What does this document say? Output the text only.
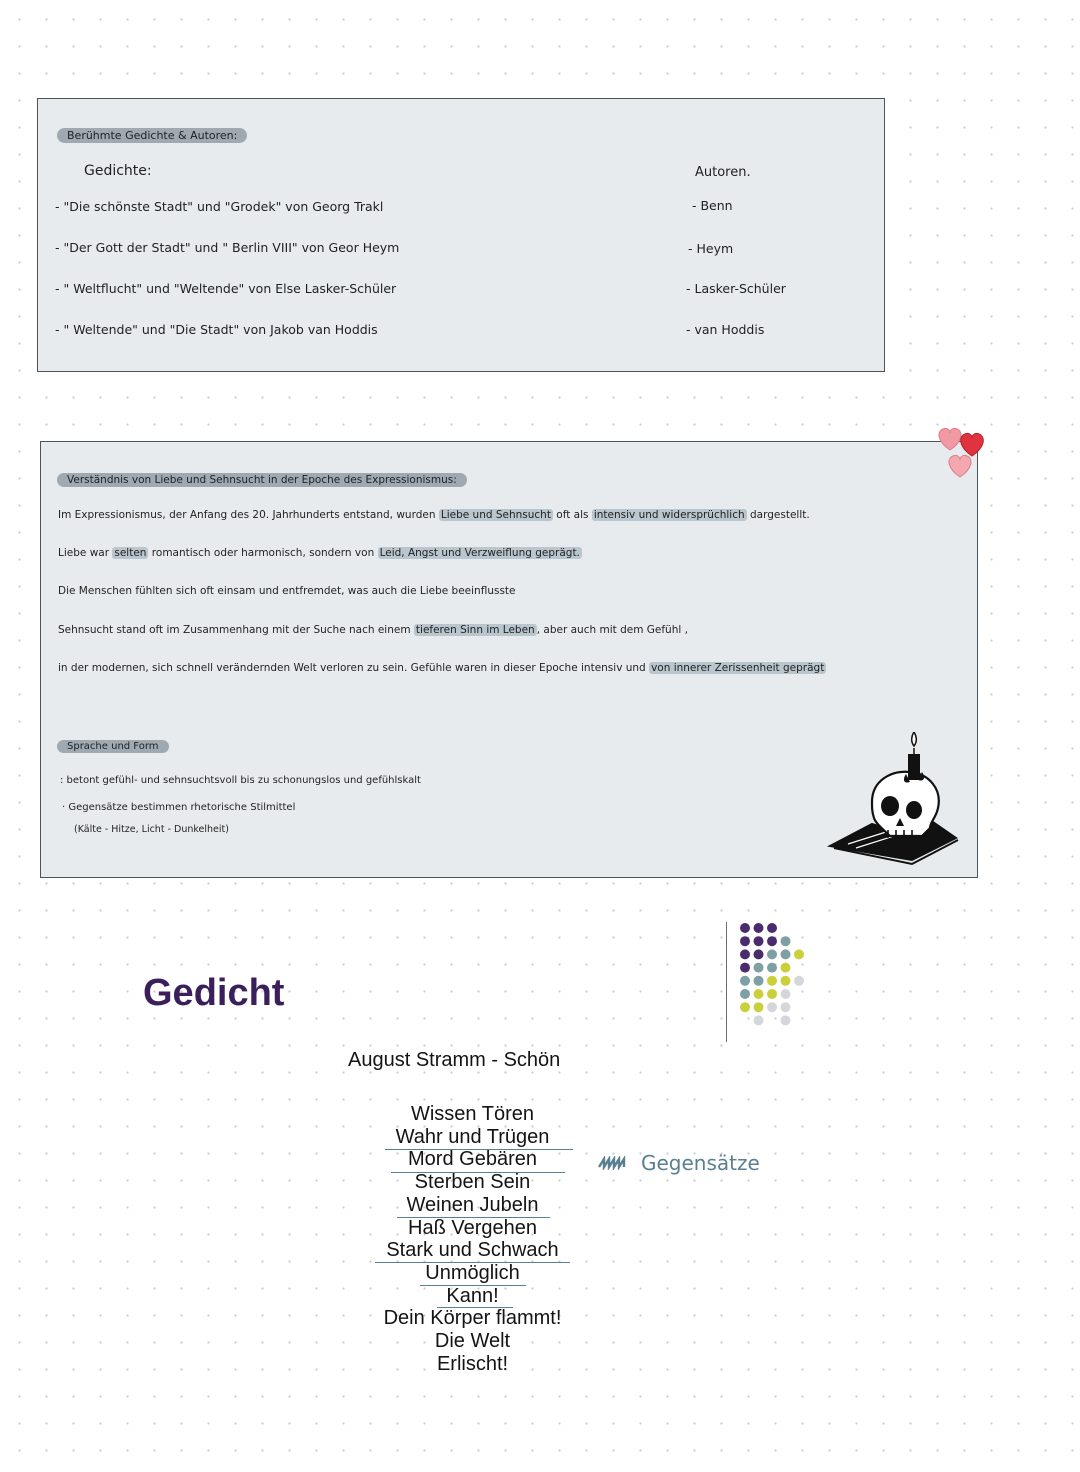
Berühmte Gedichte & Autoren:
Gedichte:	Autoren.
- "Die schönste Stadt" und "Grodek" von Georg Trakl
- "Der Gott der Stadt" und " Berlin VIII" von Geor Heym
- " Weltflucht" und "Weltende" von Else Lasker-Schüler
- " Weltende" und "Die Stadt" von Jakob van Hoddis
- Benn
- Heym
- Lasker-Schüler
- van Hoddis
Verständnis von Liebe und Sehnsucht in der Epoche des Expressionismus:
Im Expressionismus, der Anfang des 20. Jahrhunderts entstand, wurden Liebe und Sehnsucht oft als intensiv und widersprüchlich dargestellt.
Liebe war selten romantisch oder harmonisch, sondern von Leid, Angst und Verzweiflung geprägt.
Die Menschen fühlten sich oft einsam und entfremdet, was auch die Liebe beeinflusste
Sehnsucht stand oft im Zusammenhang mit der Suche nach einem tieferen Sinn im Leben , aber auch mit dem Gefühl ,
in der modernen, sich schnell verändernden Welt verloren zu sein. Gefühle waren in dieser Epoche intensiv und von innerer Zerissenheit geprägt
Sprache und Form
: betont gefühl- und sehnsuchtsvoll bis zu schonungslos und gefühlskalt
· Gegensätze bestimmen rhetorische Stilmittel
(Kälte - Hitze, Licht - Dunkelheit)
Gedicht
August Stramm - Schön
Wissen Tören
Wahr und Trügen
Mord Gebären
Sterben Sein
Weinen Jubeln
Haß Vergehen
Stark und Schwach
Unmöglich
Kann!
Dein Körper flammt!
Die Welt
Erlischt!
Gegensätze
